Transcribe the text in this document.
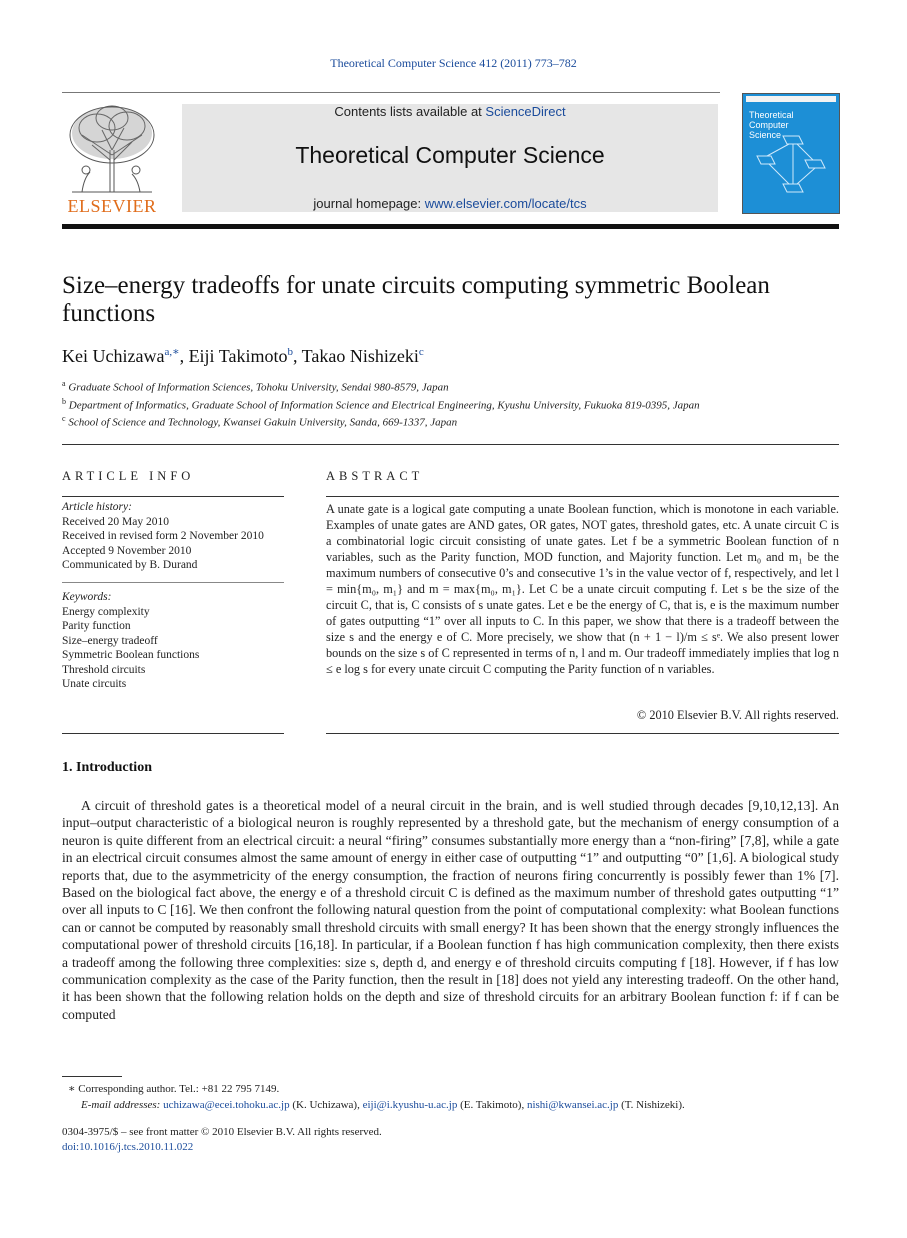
Theoretical Computer Science 412 (2011) 773–782
ELSEVIER
Contents lists available at ScienceDirect
Theoretical Computer Science
journal homepage: www.elsevier.com/locate/tcs
Theoretical Computer Science
Size–energy tradeoffs for unate circuits computing symmetric Boolean functions
Kei Uchizawa$^{a,∗}$, Eiji Takimoto$^b$, Takao Nishizeki$^c$
$^a$ Graduate School of Information Sciences, Tohoku University, Sendai 980-8579, Japan
$^b$ Department of Informatics, Graduate School of Information Science and Electrical Engineering, Kyushu University, Fukuoka 819-0395, Japan
$^c$ School of Science and Technology, Kwansei Gakuin University, Sanda, 669-1337, Japan
ARTICLE INFO
Article history:
Received 20 May 2010
Received in revised form 2 November 2010
Accepted 9 November 2010
Communicated by B. Durand
Keywords:
Energy complexity
Parity function
Size–energy tradeoff
Symmetric Boolean functions
Threshold circuits
Unate circuits
ABSTRACT
A unate gate is a logical gate computing a unate Boolean function, which is monotone in each variable. Examples of unate gates are AND gates, OR gates, NOT gates, threshold gates, etc. A unate circuit C is a combinatorial logic circuit consisting of unate gates. Let f be a symmetric Boolean function of n variables, such as the Parity function, MOD function, and Majority function. Let m₀ and m₁ be the maximum numbers of consecutive 0’s and consecutive 1’s in the value vector of f, respectively, and let l = min{m₀, m₁} and m = max{m₀, m₁}. Let C be a unate circuit computing f. Let s be the size of the circuit C, that is, C consists of s unate gates. Let e be the energy of C, that is, e is the maximum number of gates outputting “1” over all inputs to C. In this paper, we show that there is a tradeoff between the size s and the energy e of C. More precisely, we show that (n + 1 − l)/m ≤ sᵉ. We also present lower bounds on the size s of C represented in terms of n, l and m. Our tradeoff immediately implies that log n ≤ e log s for every unate circuit C computing the Parity function of n variables.
© 2010 Elsevier B.V. All rights reserved.
1. Introduction

A circuit of threshold gates is a theoretical model of a neural circuit in the brain, and is well studied through decades [9,10,12,13]. An input–output characteristic of a biological neuron is roughly represented by a threshold gate, but the mechanism of energy consumption of a neuron is quite different from an electrical circuit: a neural “firing” consumes substantially more energy than a “non-firing” [7,8], while a gate in an electrical circuit consumes almost the same amount of energy in either case of outputting “1” and outputting “0” [1,6]. A biological study reports that, due to the asymmetricity of the energy consumption, the fraction of neurons firing concurrently is possibly fewer than 1% [7]. Based on the biological fact above, the energy e of a threshold circuit C is defined as the maximum number of threshold gates outputting “1” over all inputs to C [16]. We then confront the following natural question from the point of computational complexity: what Boolean functions can or cannot be computed by reasonably small threshold circuits with small energy? It has been shown that the energy strongly influences the computational power of threshold circuits [16,18]. In particular, if a Boolean function f has high communication complexity, then there exists a tradeoff among the following three complexities: size s, depth d, and energy e of threshold circuits computing f [18]. However, if f has low communication complexity as the case of the Parity function, then the result in [18] does not yield any interesting tradeoff. On the other hand, it has been shown that the following relation holds on the depth and size of threshold circuits for an arbitrary Boolean function f: if f can be computed

∗ Corresponding author. Tel.: +81 22 795 7149.
E-mail addresses: uchizawa@ecei.tohoku.ac.jp (K. Uchizawa), eiji@i.kyushu-u.ac.jp (E. Takimoto), nishi@kwansei.ac.jp (T. Nishizeki).
0304-3975/$ – see front matter © 2010 Elsevier B.V. All rights reserved.
doi:10.1016/j.tcs.2010.11.022
